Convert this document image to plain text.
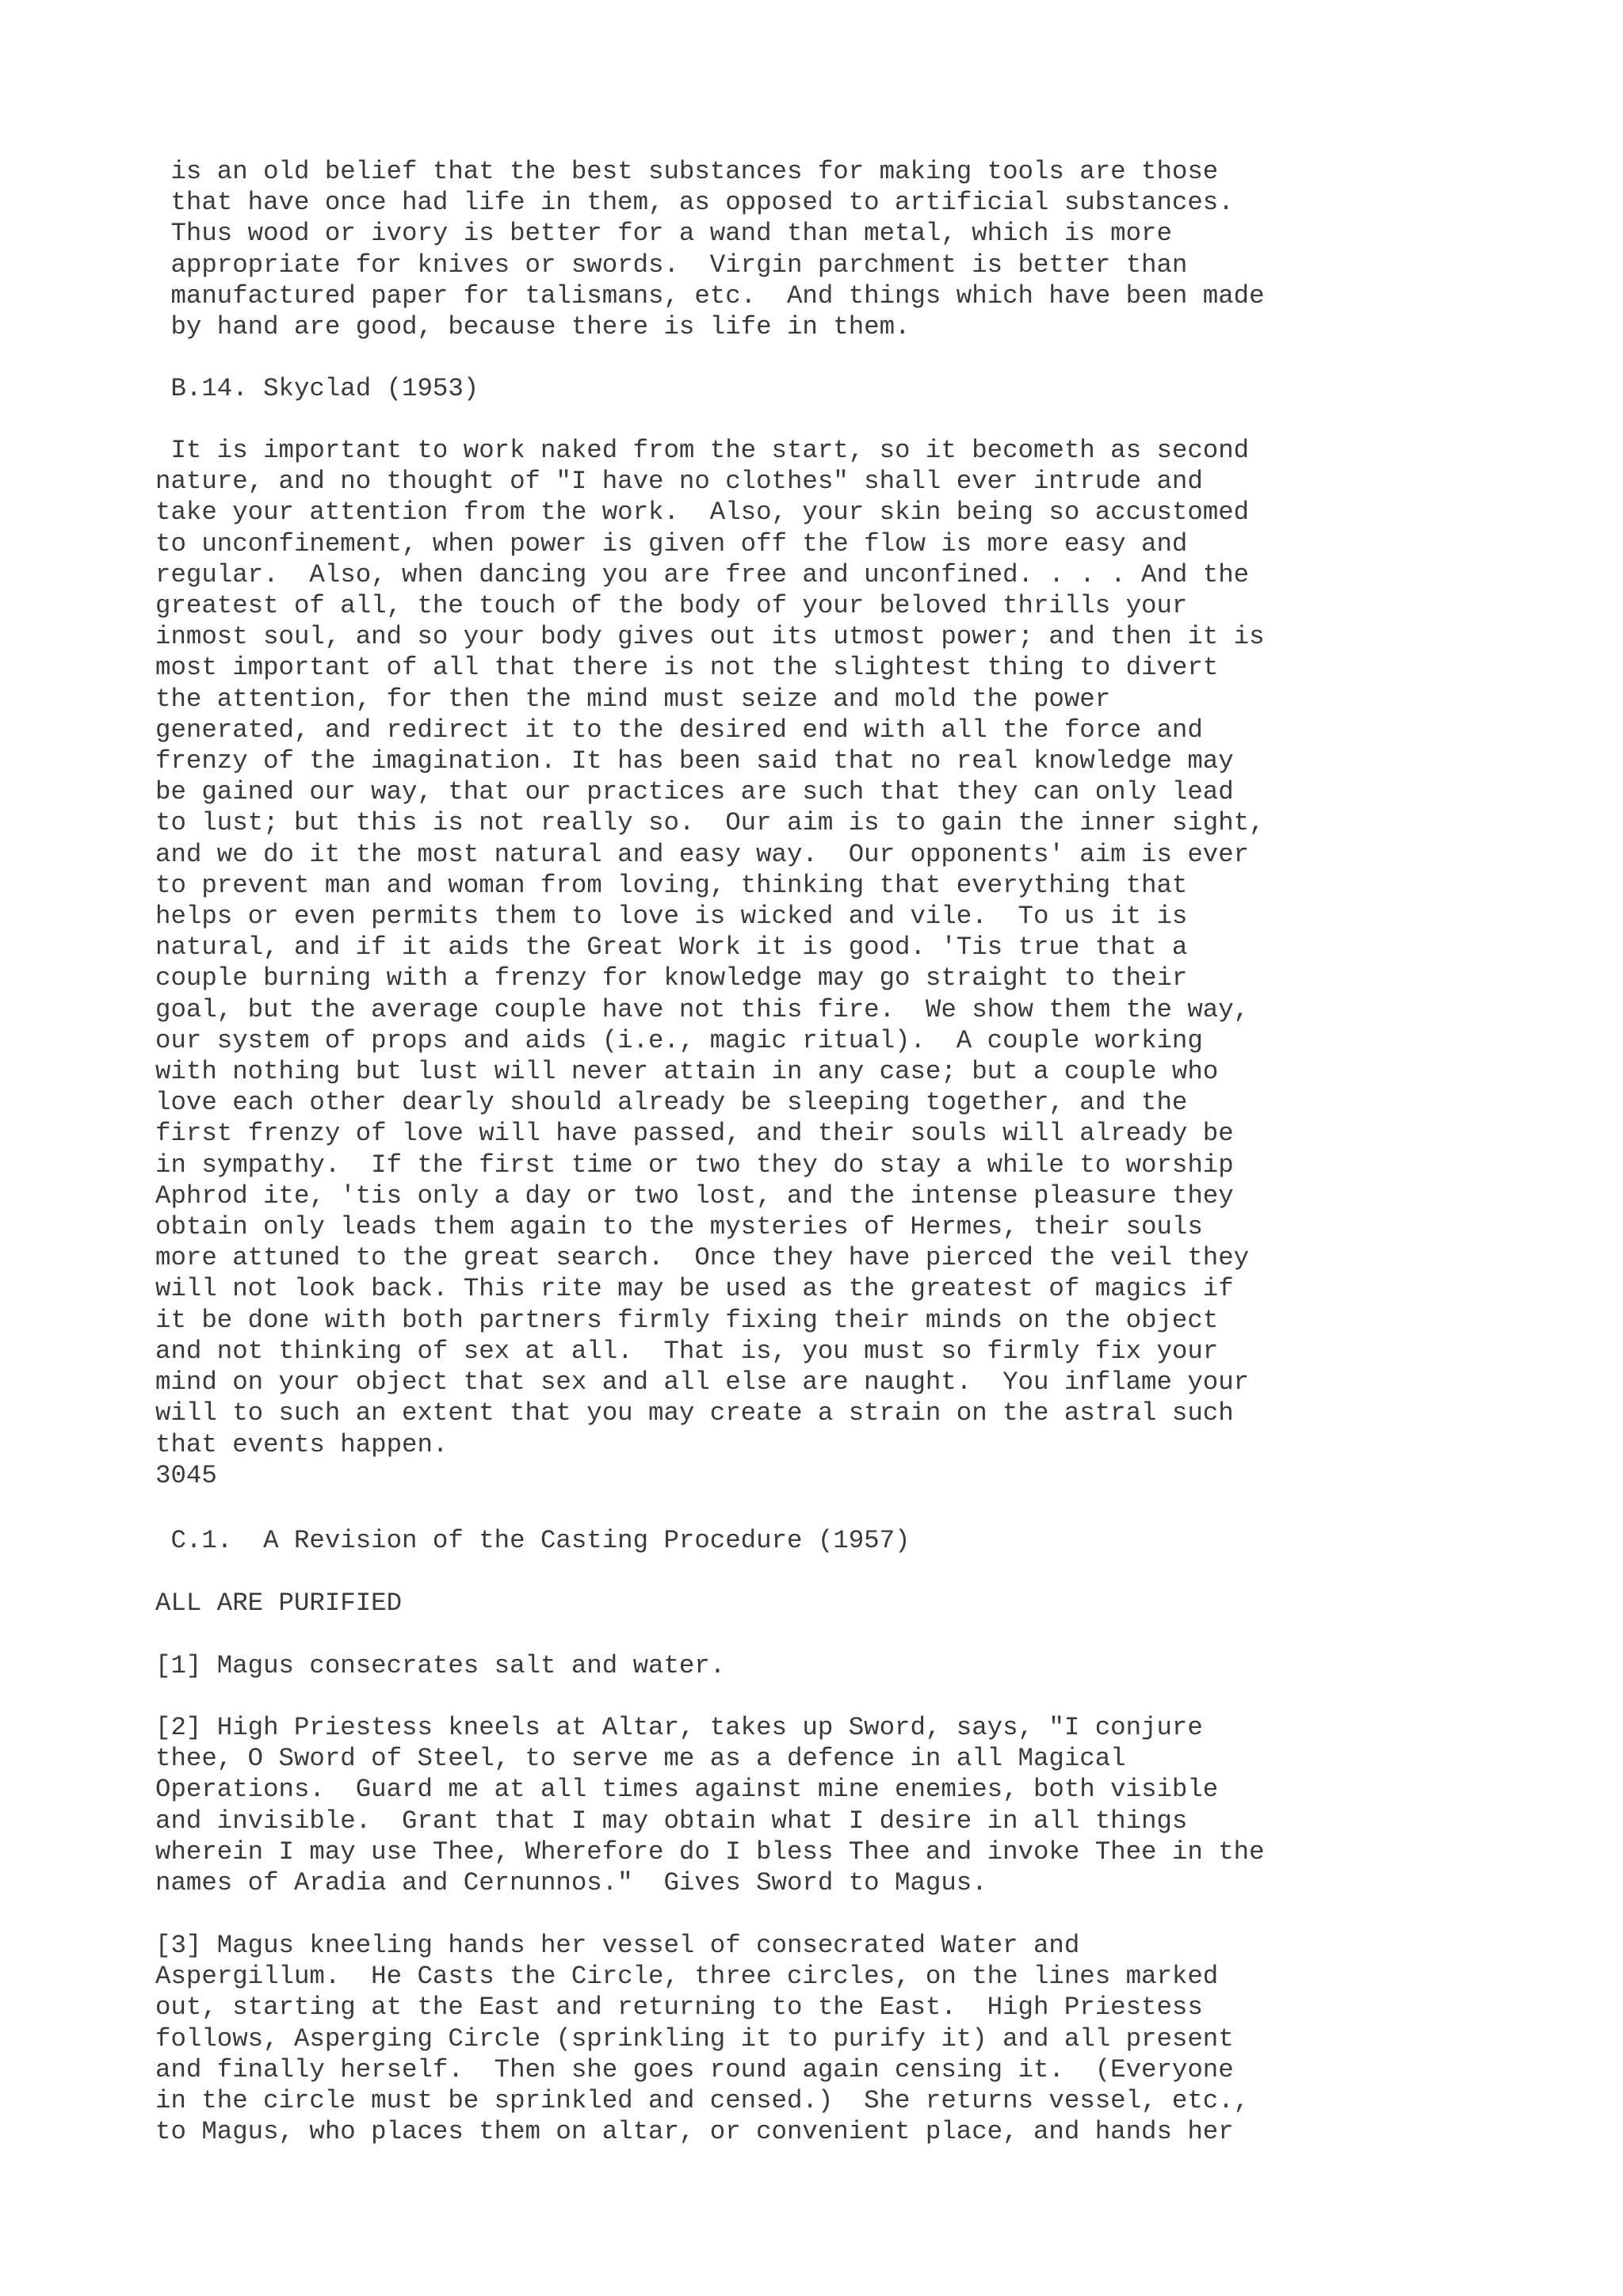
is an old belief that the best substances for making tools are those
that have once had life in them, as opposed to artificial substances.
Thus wood or ivory is better for a wand than metal, which is more
appropriate for knives or swords.  Virgin parchment is better than
manufactured paper for talismans, etc.  And things which have been made
by hand are good, because there is life in them.
B.14. Skyclad (1953)
It is important to work naked from the start, so it becometh as second
nature, and no thought of "I have no clothes" shall ever intrude and
take your attention from the work.  Also, your skin being so accustomed
to unconfinement, when power is given off the flow is more easy and
regular.  Also, when dancing you are free and unconfined. . . . And the
greatest of all, the touch of the body of your beloved thrills your
inmost soul, and so your body gives out its utmost power; and then it is
most important of all that there is not the slightest thing to divert
the attention, for then the mind must seize and mold the power
generated, and redirect it to the desired end with all the force and
frenzy of the imagination. It has been said that no real knowledge may
be gained our way, that our practices are such that they can only lead
to lust; but this is not really so.  Our aim is to gain the inner sight,
and we do it the most natural and easy way.  Our opponents' aim is ever
to prevent man and woman from loving, thinking that everything that
helps or even permits them to love is wicked and vile.  To us it is
natural, and if it aids the Great Work it is good. 'Tis true that a
couple burning with a frenzy for knowledge may go straight to their
goal, but the average couple have not this fire.  We show them the way,
our system of props and aids (i.e., magic ritual).  A couple working
with nothing but lust will never attain in any case; but a couple who
love each other dearly should already be sleeping together, and the
first frenzy of love will have passed, and their souls will already be
in sympathy.  If the first time or two they do stay a while to worship
Aphrod ite, 'tis only a day or two lost, and the intense pleasure they
obtain only leads them again to the mysteries of Hermes, their souls
more attuned to the great search.  Once they have pierced the veil they
will not look back. This rite may be used as the greatest of magics if
it be done with both partners firmly fixing their minds on the object
and not thinking of sex at all.  That is, you must so firmly fix your
mind on your object that sex and all else are naught.  You inflame your
will to such an extent that you may create a strain on the astral such
that events happen.
3045
C.1.  A Revision of the Casting Procedure (1957)
ALL ARE PURIFIED
[1] Magus consecrates salt and water.
[2] High Priestess kneels at Altar, takes up Sword, says, "I conjure
thee, O Sword of Steel, to serve me as a defence in all Magical
Operations.  Guard me at all times against mine enemies, both visible
and invisible.  Grant that I may obtain what I desire in all things
wherein I may use Thee, Wherefore do I bless Thee and invoke Thee in the
names of Aradia and Cernunnos."  Gives Sword to Magus.
[3] Magus kneeling hands her vessel of consecrated Water and
Aspergillum.  He Casts the Circle, three circles, on the lines marked
out, starting at the East and returning to the East.  High Priestess
follows, Asperging Circle (sprinkling it to purify it) and all present
and finally herself.  Then she goes round again censing it.  (Everyone
in the circle must be sprinkled and censed.)  She returns vessel, etc.,
to Magus, who places them on altar, or convenient place, and hands her
